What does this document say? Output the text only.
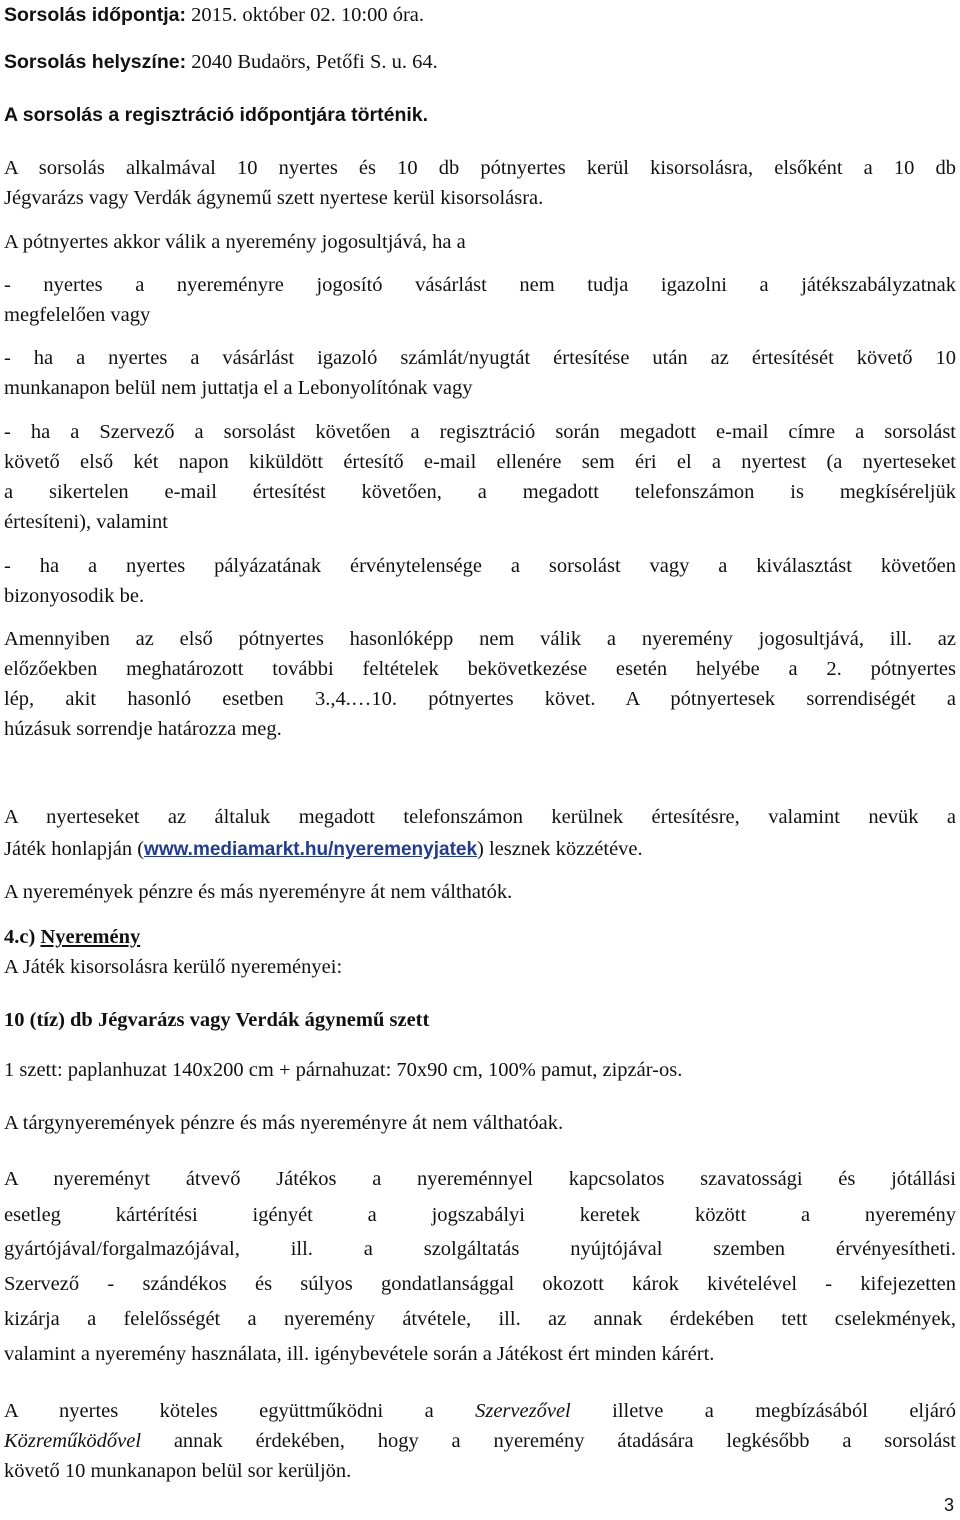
Sorsolás időpontja: 2015. október 02. 10:00 óra.

Sorsolás helyszíne: 2040 Budaörs, Petőfi S. u. 64.

A sorsolás a regisztráció időpontjára történik.

A sorsolás alkalmával 10 nyertes és 10 db pótnyertes kerül kisorsolásra, elsőként a 10 db

Jégvarázs vagy Verdák ágynemű szett nyertese kerül kisorsolásra.

A pótnyertes akkor válik a nyeremény jogosultjává, ha a

- nyertes a nyereményre jogosító vásárlást nem tudja igazolni a játékszabályzatnak

megfelelően vagy

- ha a nyertes a vásárlást igazoló számlát/nyugtát értesítése után az értesítését követő 10

munkanapon belül nem juttatja el a Lebonyolítónak vagy

- ha a Szervező a sorsolást követően a regisztráció során megadott e-mail címre a sorsolást

követő első két napon kiküldött értesítő e-mail ellenére sem éri el a nyertest (a nyerteseket

a sikertelen e-mail értesítést követően, a megadott telefonszámon is megkíséreljük

értesíteni), valamint

- ha a nyertes pályázatának érvénytelensége a sorsolást vagy a kiválasztást követően

bizonyosodik be.

Amennyiben az első pótnyertes hasonlóképp nem válik a nyeremény jogosultjává, ill. az

előzőekben meghatározott további feltételek bekövetkezése esetén helyébe a 2. pótnyertes

lép, akit hasonló esetben 3.,4.…10. pótnyertes követ. A pótnyertesek sorrendiségét a

húzásuk sorrendje határozza meg.

A nyerteseket az általuk megadott telefonszámon kerülnek értesítésre, valamint nevük a

Játék honlapján (www.mediamarkt.hu/nyeremenyjatek) lesznek közzétéve.

A nyeremények pénzre és más nyereményre át nem válthatók.

4.c) Nyeremény

A Játék kisorsolásra kerülő nyereményei:

10 (tíz) db Jégvarázs vagy Verdák ágynemű szett

1 szett: paplanhuzat 140x200 cm + párnahuzat: 70x90 cm, 100% pamut, zipzár-os.

A tárgynyeremények pénzre és más nyereményre át nem válthatóak.

A nyereményt átvevő Játékos a nyereménnyel kapcsolatos szavatossági és jótállási

esetleg kártérítési igényét a jogszabályi keretek között a nyeremény

gyártójával/forgalmazójával, ill. a szolgáltatás nyújtójával szemben érvényesítheti.

Szervező - szándékos és súlyos gondatlansággal okozott károk kivételével - kifejezetten

kizárja a felelősségét a nyeremény átvétele, ill. az annak érdekében tett cselekmények,

valamint a nyeremény használata, ill. igénybevétele során a Játékost ért minden kárért.

A nyertes köteles együttműködni a Szervezővel illetve a megbízásából eljáró

Közreműködővel annak érdekében, hogy a nyeremény átadására legkésőbb a sorsolást

követő 10 munkanapon belül sor kerüljön.

3
